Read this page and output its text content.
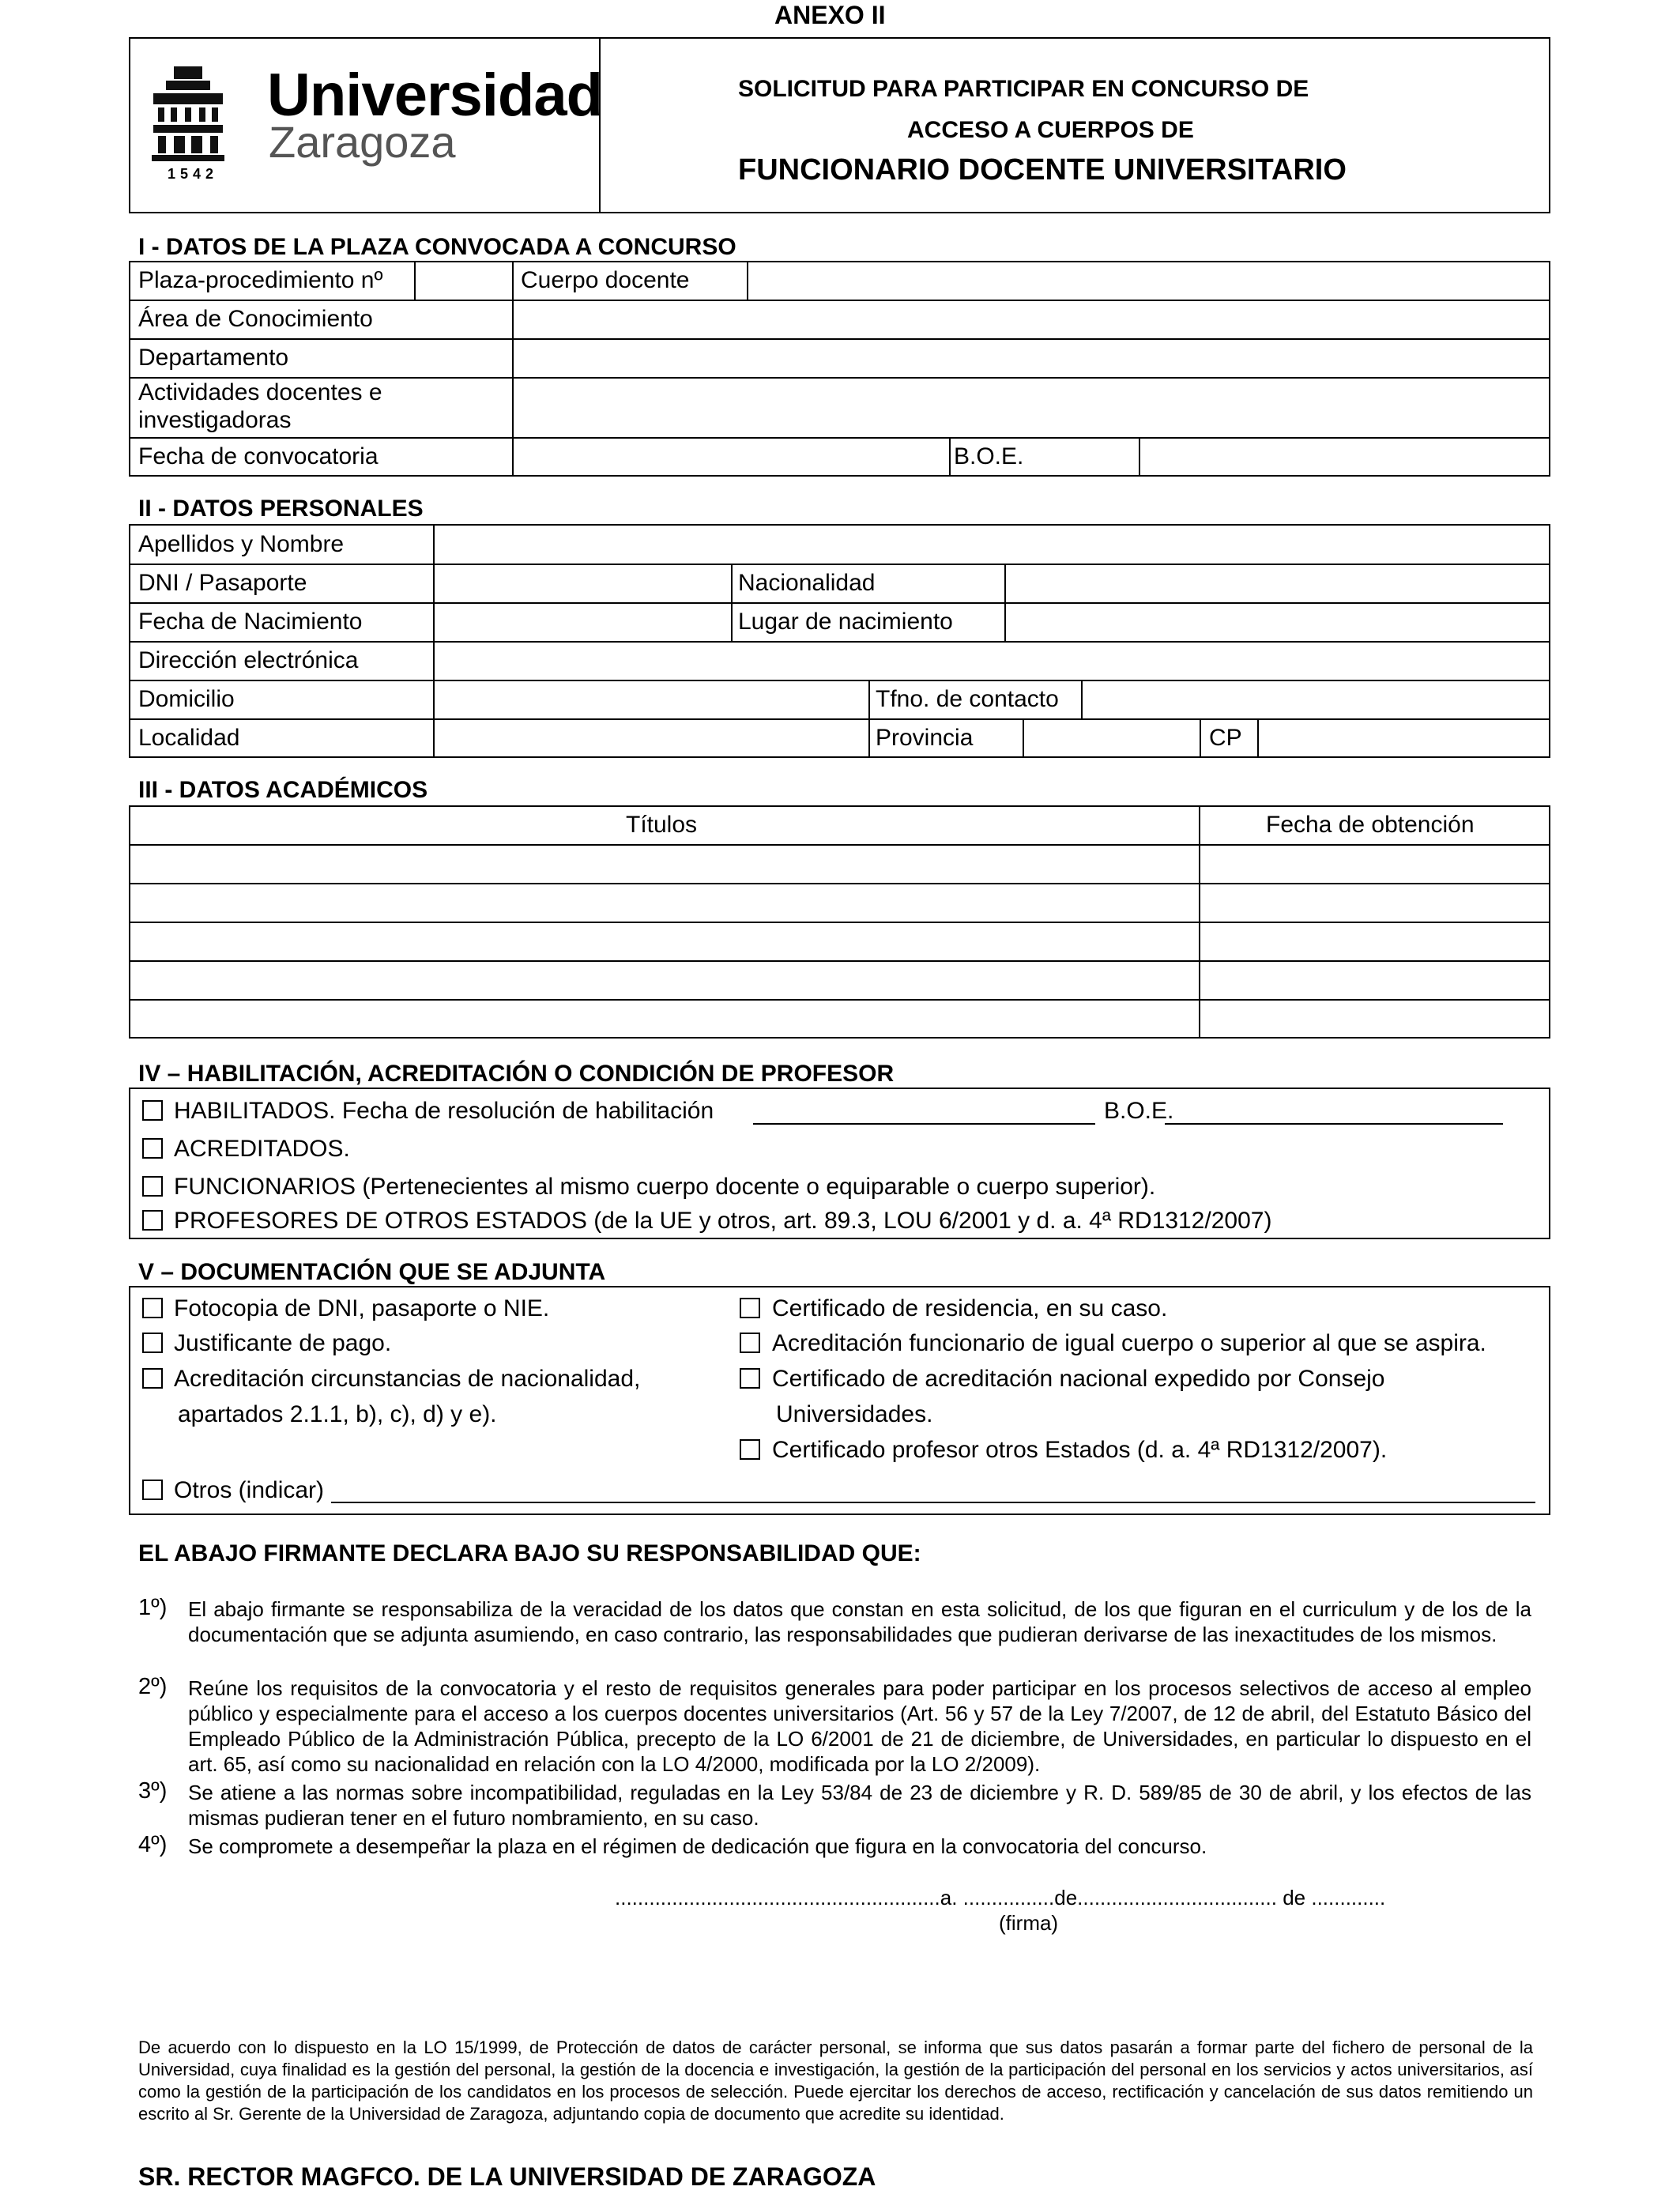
ANEXO II
1542
Universidad
Zaragoza
SOLICITUD PARA PARTICIPAR EN CONCURSO DE
ACCESO A CUERPOS DE
FUNCIONARIO DOCENTE UNIVERSITARIO
I - DATOS DE LA PLAZA CONVOCADA A CONCURSO
Plaza-procedimiento nº	Cuerpo docente
Área de Conocimiento
Departamento
Actividades docentes e
investigadoras
Fecha de convocatoria	B.O.E.
II - DATOS PERSONALES
Apellidos y Nombre
DNI / Pasaporte	Nacionalidad
Fecha de Nacimiento	Lugar de nacimiento
Dirección electrónica
Domicilio	Tfno. de contacto
Localidad	Provincia	CP
III - DATOS ACADÉMICOS
Títulos	Fecha de obtención
IV – HABILITACIÓN, ACREDITACIÓN O CONDICIÓN DE PROFESOR
HABILITADOS. Fecha de resolución de habilitación	B.O.E.
ACREDITADOS.
FUNCIONARIOS (Pertenecientes al mismo cuerpo docente o equiparable o cuerpo superior).
PROFESORES DE OTROS ESTADOS (de la UE y otros, art. 89.3, LOU 6/2001 y d. a. 4ª RD1312/2007)
V – DOCUMENTACIÓN QUE SE ADJUNTA
Fotocopia de DNI, pasaporte o NIE.
Justificante de pago.
Acreditación circunstancias de nacionalidad,
apartados 2.1.1, b), c), d) y e).
Certificado de residencia, en su caso.
Acreditación funcionario de igual cuerpo o superior al que se aspira.
Certificado de acreditación nacional expedido por Consejo
Universidades.
Certificado profesor otros Estados (d. a. 4ª RD1312/2007).
Otros (indicar)
EL ABAJO FIRMANTE DECLARA BAJO SU RESPONSABILIDAD QUE:
1º) El abajo firmante se responsabiliza de la veracidad de los datos que constan en esta solicitud, de los que figuran en el curriculum y de los de la documentación que se adjunta asumiendo, en caso contrario, las responsabilidades que pudieran derivarse de las inexactitudes de los mismos.
2º) Reúne los requisitos de la convocatoria y el resto de requisitos generales para poder participar en los procesos selectivos de acceso al empleo público y especialmente para el acceso a los cuerpos docentes universitarios (Art. 56 y 57 de la Ley 7/2007, de 12 de abril, del Estatuto Básico del Empleado Público de la Administración Pública, precepto de la LO 6/2001 de 21 de diciembre, de Universidades, en particular lo dispuesto en el art. 65, así como su nacionalidad en relación con la LO 4/2000, modificada por la LO 2/2009).
3º) Se atiene a las normas sobre incompatibilidad, reguladas en la Ley 53/84 de 23 de diciembre y R. D. 589/85 de 30 de abril, y los efectos de las mismas pudieran tener en el futuro nombramiento, en su caso.
4º) Se compromete a desempeñar la plaza en el régimen de dedicación que figura en la convocatoria del concurso.
.........................................................a. ................de................................... de .............
(firma)
De acuerdo con lo dispuesto en la LO 15/1999, de Protección de datos de carácter personal, se informa que sus datos pasarán a formar parte del fichero de personal de la Universidad, cuya finalidad es la gestión del personal, la gestión de la docencia e investigación, la gestión de la participación del personal en los servicios y actos universitarios, así como la gestión de la participación de los candidatos en los procesos de selección. Puede ejercitar los derechos de acceso, rectificación y cancelación de sus datos remitiendo un escrito al Sr. Gerente de la Universidad de Zaragoza, adjuntando copia de documento que acredite su identidad.
SR. RECTOR MAGFCO. DE LA UNIVERSIDAD DE ZARAGOZA
